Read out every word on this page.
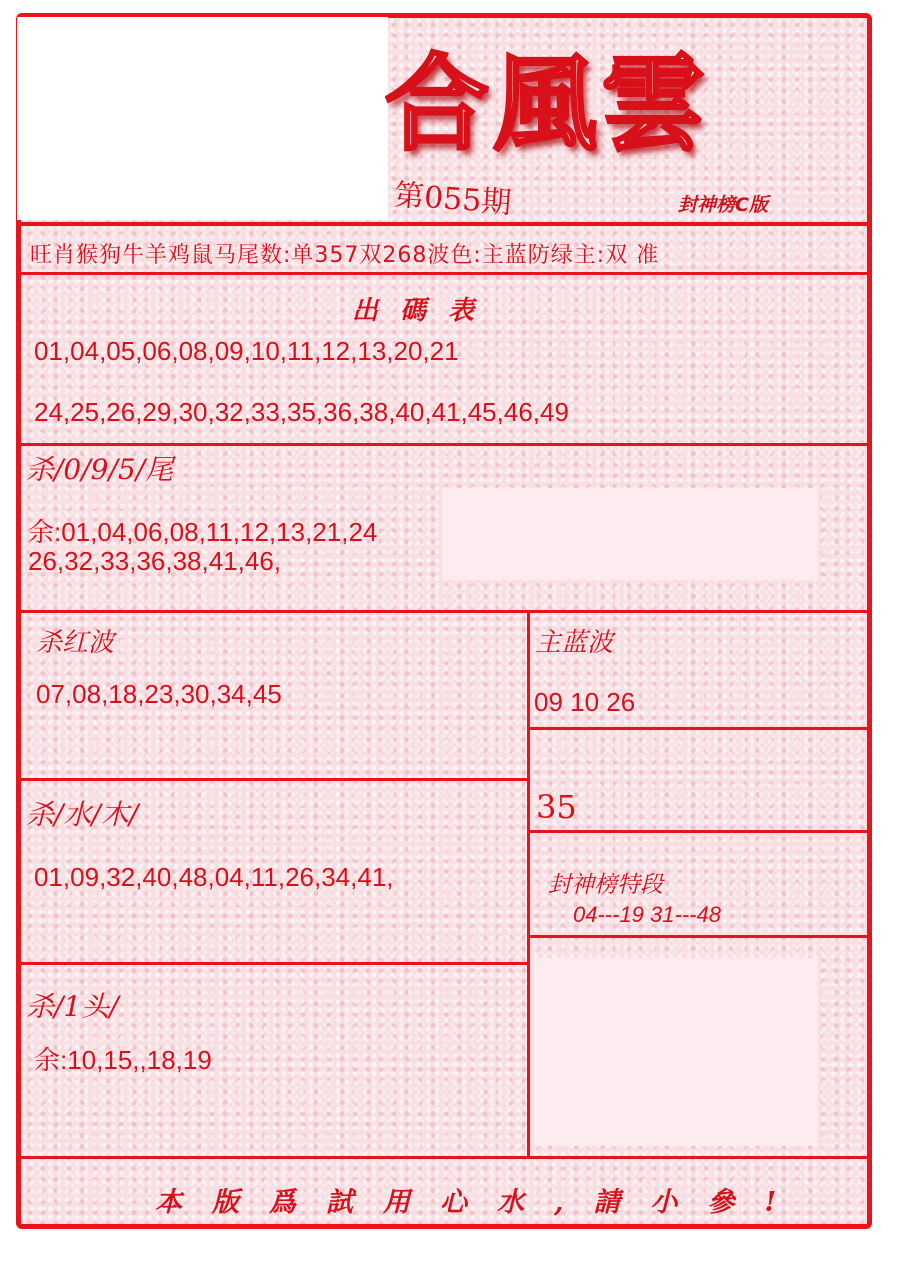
合風雲
第055期	封神榜C版
旺肖猴狗牛羊鸡鼠马尾数:单357双268波色:主蓝防绿主:双 准
出碼表
01,04,05,06,08,09,10,11,12,13,20,21
24,25,26,29,30,32,33,35,36,38,40,41,45,46,49
杀/0/9/5/尾
余:01,04,06,08,11,12,13,21,24
26,32,33,36,38,41,46,
杀红波
07,08,18,23,30,34,45
主蓝波
09 10 26
35
杀/水/木/
01,09,32,40,48,04,11,26,34,41,	封神榜特段
04---19 31---48
杀/1头/
余:10,15,,18,19
本版爲試用心水,請小參!
